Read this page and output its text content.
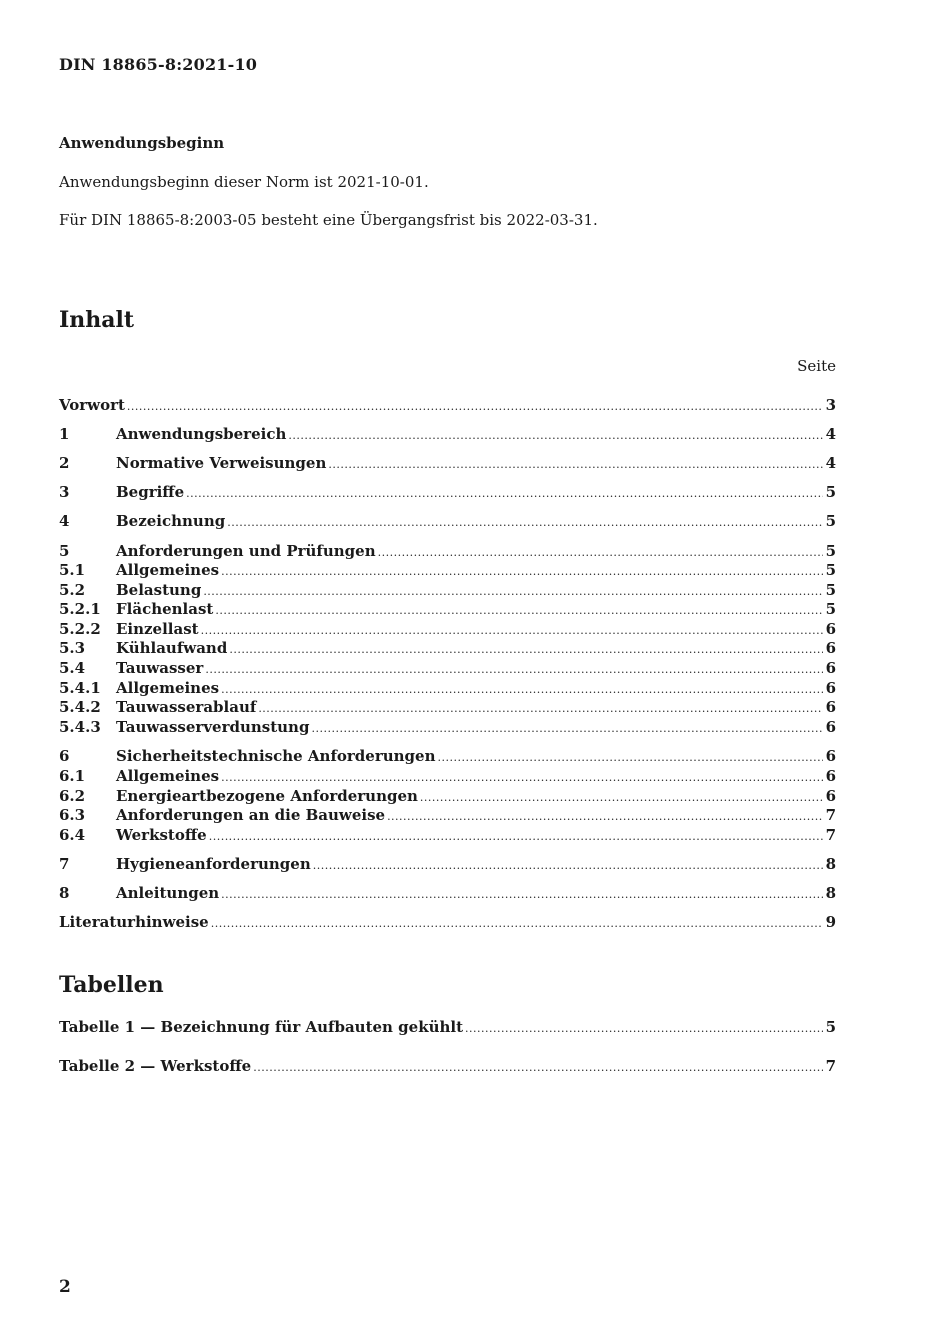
DIN 18865-8:2021-10
Anwendungsbeginn
Anwendungsbeginn dieser Norm ist 2021-10-01.
Für DIN 18865-8:2003-05 besteht eine Übergangsfrist bis 2022-03-31.
Inhalt
Seite
Vorwort .....	3
1	Anwendungsbereich .....	4
2	Normative Verweisungen .....	4
3	Begriffe .....	5
4	Bezeichnung .....	5
5	Anforderungen und Prüfungen .....	5
5.1	Allgemeines .....	5
5.2	Belastung .....	5
5.2.1	Flächenlast .....	5
5.2.2	Einzellast .....	6
5.3	Kühlaufwand .....	6
5.4	Tauwasser .....	6
5.4.1	Allgemeines .....	6
5.4.2	Tauwasserablauf .....	6
5.4.3	Tauwasserverdunstung .....	6
6	Sicherheitstechnische Anforderungen .....	6
6.1	Allgemeines .....	6
6.2	Energieartbezogene Anforderungen .....	6
6.3	Anforderungen an die Bauweise .....	7
6.4	Werkstoffe .....	7
7	Hygieneanforderungen .....	8
8	Anleitungen .....	8
Literaturhinweise .....	9
Tabellen
Tabelle 1 — Bezeichnung für Aufbauten gekühlt .....	5
Tabelle 2 — Werkstoffe .....	7
2
